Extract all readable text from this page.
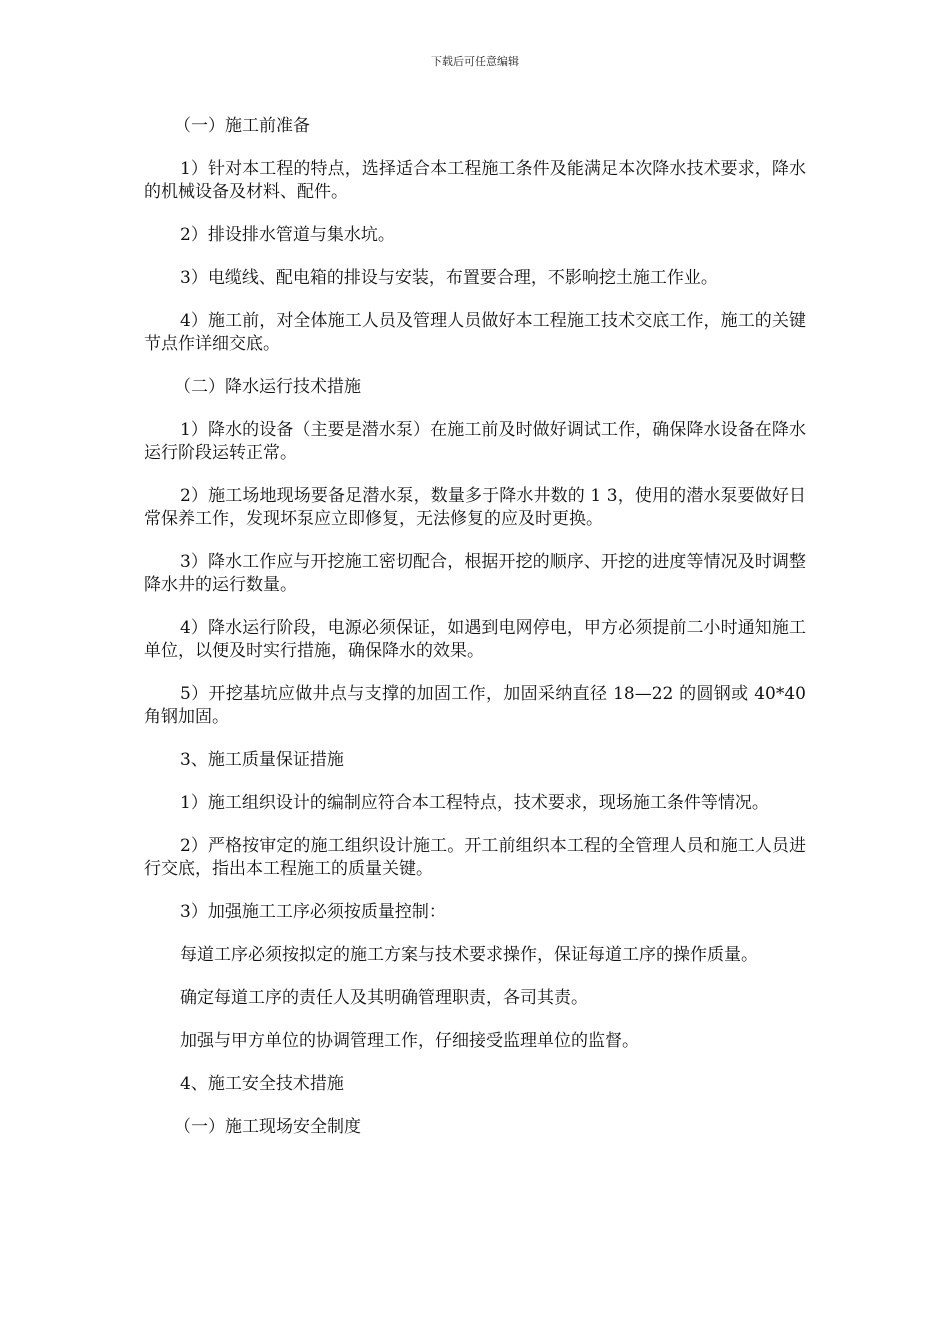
下载后可任意编辑

（一）施工前准备

1）针对本工程的特点，选择适合本工程施工条件及能满足本次降水技术要求，降水的机械设备及材料、配件。

2）排设排水管道与集水坑。

3）电缆线、配电箱的排设与安装，布置要合理，不影响挖土施工作业。

4）施工前，对全体施工人员及管理人员做好本工程施工技术交底工作，施工的关键节点作详细交底。

（二）降水运行技术措施

1）降水的设备（主要是潜水泵）在施工前及时做好调试工作，确保降水设备在降水运行阶段运转正常。

2）施工场地现场要备足潜水泵，数量多于降水井数的 1 3，使用的潜水泵要做好日常保养工作，发现坏泵应立即修复，无法修复的应及时更换。

3）降水工作应与开挖施工密切配合，根据开挖的顺序、开挖的进度等情况及时调整降水井的运行数量。

4）降水运行阶段，电源必须保证，如遇到电网停电，甲方必须提前二小时通知施工单位，以便及时实行措施，确保降水的效果。

5）开挖基坑应做井点与支撑的加固工作，加固采纳直径 18—22 的圆钢或 40*40 角钢加固。

3、施工质量保证措施

1）施工组织设计的编制应符合本工程特点，技术要求，现场施工条件等情况。

2）严格按审定的施工组织设计施工。开工前组织本工程的全管理人员和施工人员进行交底，指出本工程施工的质量关键。

3）加强施工工序必须按质量控制：

每道工序必须按拟定的施工方案与技术要求操作，保证每道工序的操作质量。

确定每道工序的责任人及其明确管理职责，各司其责。

加强与甲方单位的协调管理工作，仔细接受监理单位的监督。

4、施工安全技术措施

（一）施工现场安全制度
